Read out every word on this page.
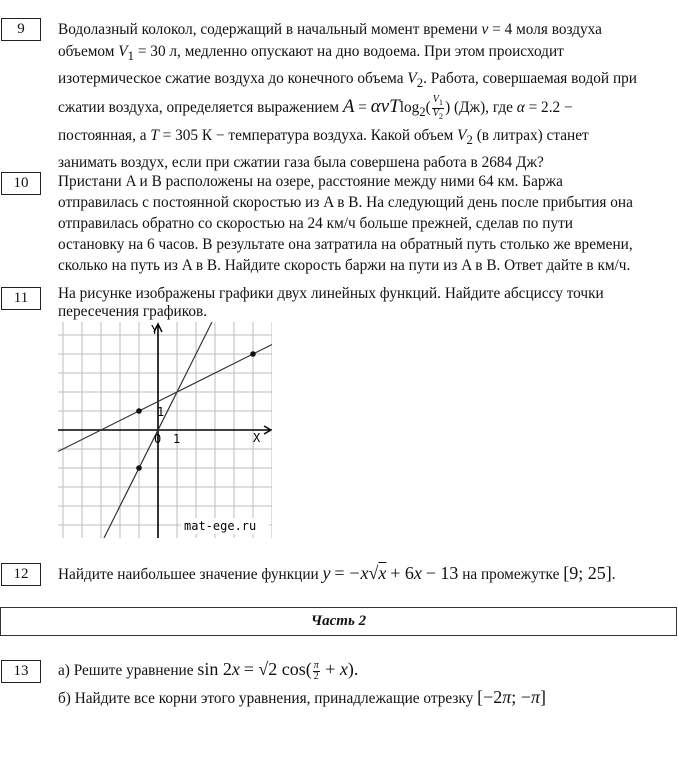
9	Водолазный колокол, содержащий в начальный момент времени ν = 4 моля воздуха

объемом $V_1 = 30$ л, медленно опускают на дно водоема. При этом происходит

изотермическое сжатие воздуха до конечного объема $V_2$. Работа, совершаемая водой при

сжатии воздуха, определяется выражением $A = \alpha\nu Tlog_2( \frac{V_1}{V_2}$ ) (Дж), где α = 2.2 −

постоянная, а T = 305 К − температура воздуха. Какой объем $V_2$ (в литрах) станет

занимать воздух, если при сжатии газа была совершена работа в 2684 Дж?

10	Пристани A и B расположены на озере, расстояние между ними 64 км. Баржа

отправилась с постоянной скоростью из A в B. На следующий день после прибытия она

отправилась обратно со скоростью на 24 км/ч больше прежней, сделав по пути

остановку на 6 часов. В результате она затратила на обратный путь столько же времени,

сколько на путь из A в B. Найдите скорость баржи на пути из A в B. Ответ дайте в км/ч.

11	На рисунке изображены графики двух линейных функций. Найдите абсциссу точки

пересечения графиков.

Y
X
0 1
1
mat-ege.ru
12	Найдите наибольшее значение функции y = −x√x + 6x − 13 на промежутке [9; 25].
Часть 2
13	а) Решите уравнение sin 2x = √2 $\cos( \frac{\pi}{2} + x)$.

б) Найдите все корни этого уравнения, принадлежащие отрезку [−2π; −π]
